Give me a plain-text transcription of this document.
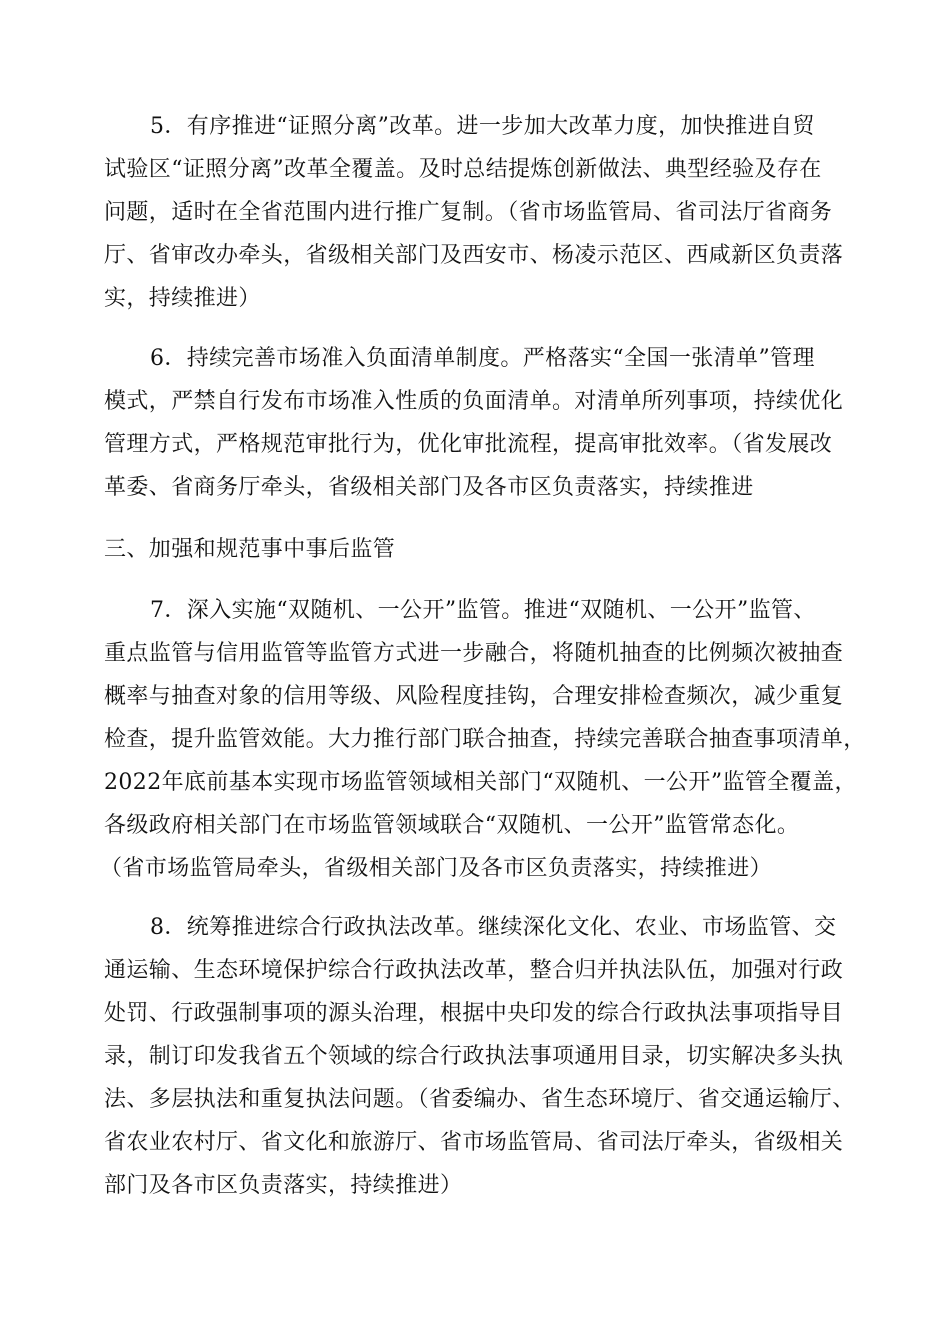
5．有序推进“证照分离”改革。进一步加大改革力度，加快推进自贸
试验区“证照分离”改革全覆盖。及时总结提炼创新做法、典型经验及存在
问题，适时在全省范围内进行推广复制。（省市场监管局、省司法厅省商务
厅、省审改办牵头，省级相关部门及西安市、杨凌示范区、西咸新区负责落
实，持续推进）
6．持续完善市场准入负面清单制度。严格落实“全国一张清单”管理
模式，严禁自行发布市场准入性质的负面清单。对清单所列事项，持续优化
管理方式，严格规范审批行为，优化审批流程，提高审批效率。（省发展改
革委、省商务厅牵头，省级相关部门及各市区负责落实，持续推进
三、加强和规范事中事后监管
7．深入实施“双随机、一公开”监管。推进“双随机、一公开”监管、
重点监管与信用监管等监管方式进一步融合，将随机抽查的比例频次被抽查
概率与抽查对象的信用等级、风险程度挂钩，合理安排检查频次，减少重复
检查，提升监管效能。大力推行部门联合抽查，持续完善联合抽查事项清单，
2022年底前基本实现市场监管领域相关部门“双随机、一公开”监管全覆盖，
各级政府相关部门在市场监管领域联合“双随机、一公开”监管常态化。
（省市场监管局牵头，省级相关部门及各市区负责落实，持续推进）
8．统筹推进综合行政执法改革。继续深化文化、农业、市场监管、交
通运输、生态环境保护综合行政执法改革，整合归并执法队伍，加强对行政
处罚、行政强制事项的源头治理，根据中央印发的综合行政执法事项指导目
录，制订印发我省五个领域的综合行政执法事项通用目录，切实解决多头执
法、多层执法和重复执法问题。（省委编办、省生态环境厅、省交通运输厅、
省农业农村厅、省文化和旅游厅、省市场监管局、省司法厅牵头，省级相关
部门及各市区负责落实，持续推进）
